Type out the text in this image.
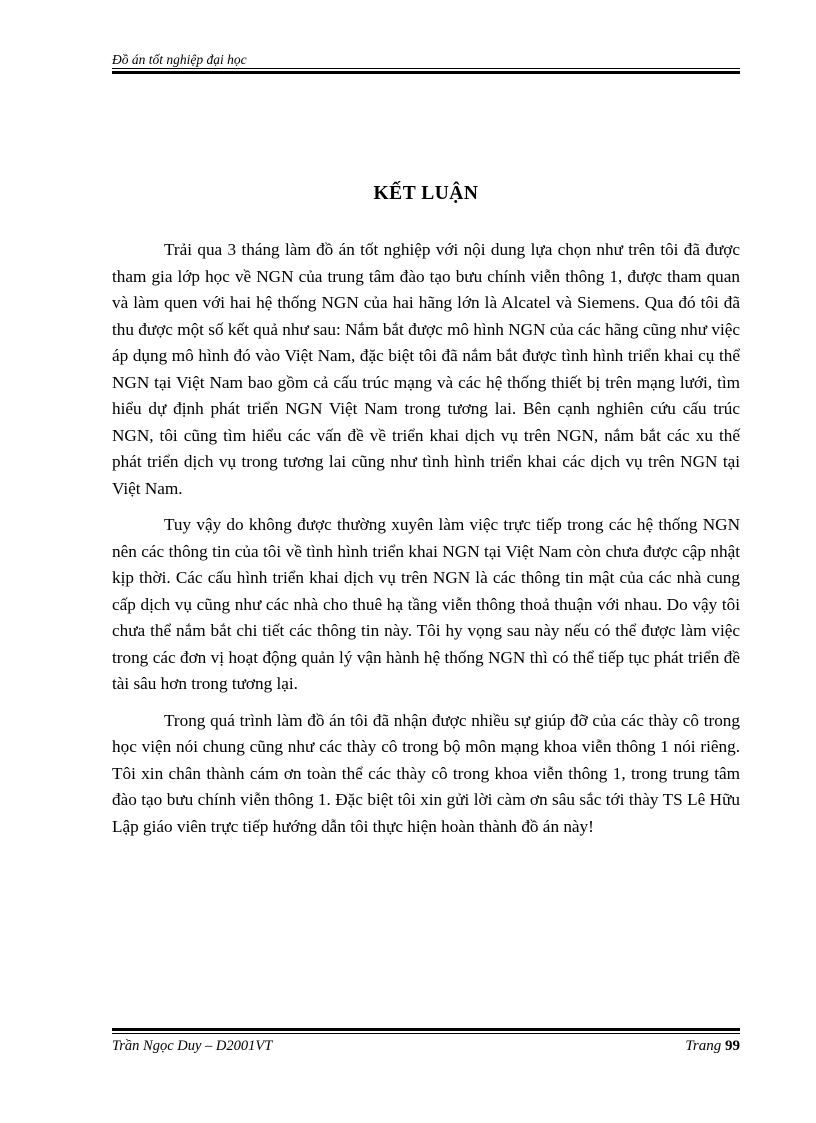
Đồ án tốt nghiệp đại học
KẾT LUẬN

Trải qua 3 tháng làm đồ án tốt nghiệp với nội dung lựa chọn như trên tôi đã được tham gia lớp học về NGN của trung tâm đào tạo bưu chính viễn thông 1, được tham quan và làm quen với hai hệ thống NGN của hai hãng lớn là Alcatel và Siemens. Qua đó tôi đã thu được một số kết quả như sau: Nắm bắt được mô hình NGN của các hãng cũng như việc áp dụng mô hình đó vào Việt Nam, đặc biệt tôi đã nắm bắt được tình hình triển khai cụ thể NGN tại Việt Nam bao gồm cả cấu trúc mạng và các hệ thống thiết bị trên mạng lưới, tìm hiểu dự định phát triển NGN Việt Nam trong tương lai. Bên cạnh nghiên cứu cấu trúc NGN, tôi cũng tìm hiểu các vấn đề về triển khai dịch vụ trên NGN, nắm bắt các xu thế phát triển dịch vụ trong tương lai cũng như tình hình triển khai các dịch vụ trên NGN tại Việt Nam.

Tuy vậy do không được thường xuyên làm việc trực tiếp trong các hệ thống NGN nên các thông tin của tôi về tình hình triển khai NGN tại Việt Nam còn chưa được cập nhật kịp thời. Các cấu hình triển khai dịch vụ trên NGN là các thông tin mật của các nhà cung cấp dịch vụ cũng như các nhà cho thuê hạ tầng viễn thông thoả thuận với nhau. Do vậy tôi chưa thể nắm bắt chi tiết các thông tin này. Tôi hy vọng sau này nếu có thể được làm việc trong các đơn vị hoạt động quản lý vận hành hệ thống NGN thì có thể tiếp tục phát triển đề tài sâu hơn trong tương lại.

Trong quá trình làm đồ án tôi đã nhận được nhiều sự giúp đỡ của các thày cô trong học viện nói chung cũng như các thày cô trong bộ môn mạng khoa viễn thông 1 nói riêng. Tôi xin chân thành cám ơn toàn thể các thày cô trong khoa viễn thông 1, trong trung tâm đào tạo bưu chính viễn thông 1. Đặc biệt tôi xin gửi lời càm ơn sâu sắc tới thày TS Lê Hữu Lập giáo viên trực tiếp hướng dẫn tôi thực hiện hoàn thành đồ án này!

Trần Ngọc Duy – D2001VT	Trang 99
